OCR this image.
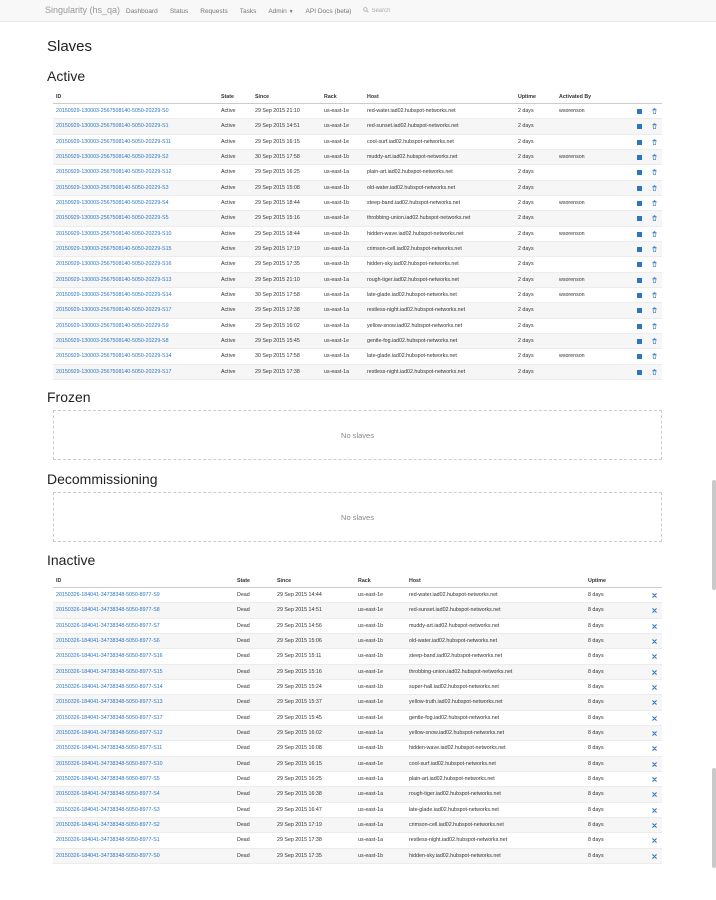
Singularity (hs_qa) Dashboard	Status	Requests	Tasks	Admin ▼	API Docs (beta)
Search
Slaves
Active
ID	State	Since	Rack	Host	Uptime	Activated By
20150929-130003-2567508140-5050-20229-S0	Active	29 Sep 2015 21:10	us-east-1e	red-water.iad02.hubspot-networks.net	2 days	wsorenson
20150929-130003-2567508140-5050-20229-S1	Active	29 Sep 2015 14:51	us-east-1e	red-sunset.iad02.hubspot-networks.net	2 days
20150929-130003-2567508140-5050-20229-S11	Active	29 Sep 2015 16:15	us-east-1e	cool-surf.iad02.hubspot-networks.net	2 days
20150929-130003-2567508140-5050-20229-S2	Active	30 Sep 2015 17:58	us-east-1b	muddy-art.iad02.hubspot-networks.net	2 days	wsorenson
20150929-130003-2567508140-5050-20229-S12	Active	29 Sep 2015 16:25	us-east-1a	plain-art.iad02.hubspot-networks.net	2 days
20150929-130003-2567508140-5050-20229-S3	Active	29 Sep 2015 15:08	us-east-1b	old-water.iad02.hubspot-networks.net	2 days
20150929-130003-2567508140-5050-20229-S4	Active	29 Sep 2015 18:44	us-east-1b	steep-band.iad02.hubspot-networks.net	2 days	wsorenson
20150929-130003-2567508140-5050-20229-S5	Active	29 Sep 2015 15:16	us-east-1e	throbbing-union.iad02.hubspot-networks.net	2 days
20150929-130003-2567508140-5050-20229-S10	Active	29 Sep 2015 18:44	us-east-1b	hidden-wave.iad02.hubspot-networks.net	2 days	wsorenson
20150929-130003-2567508140-5050-20229-S15	Active	29 Sep 2015 17:19	us-east-1a	crimson-cell.iad02.hubspot-networks.net	2 days
20150929-130003-2567508140-5050-20229-S16	Active	29 Sep 2015 17:35	us-east-1b	hidden-sky.iad02.hubspot-networks.net	2 days
20150929-130003-2567508140-5050-20229-S13	Active	29 Sep 2015 21:10	us-east-1a	rough-tiger.iad02.hubspot-networks.net	2 days	wsorenson
20150929-130003-2567508140-5050-20229-S14	Active	30 Sep 2015 17:58	us-east-1a	late-glade.iad02.hubspot-networks.net	2 days	wsorenson
20150929-130003-2567508140-5050-20229-S17	Active	29 Sep 2015 17:38	us-east-1a	restless-night.iad02.hubspot-networks.net	2 days
20150929-130003-2567508140-5050-20229-S9	Active	29 Sep 2015 16:02	us-east-1a	yellow-snow.iad02.hubspot-networks.net	2 days
20150929-130003-2567508140-5050-20229-S8	Active	29 Sep 2015 15:45	us-east-1e	gentle-fog.iad02.hubspot-networks.net	2 days
20150929-130003-2567508140-5050-20229-S14	Active	30 Sep 2015 17:58	us-east-1a	late-glade.iad02.hubspot-networks.net	2 days	wsorenson
20150929-130003-2567508140-5050-20229-S17	Active	29 Sep 2015 17:38	us-east-1a	restless-night.iad02.hubspot-networks.net	2 days
Frozen
No slaves
Decommissioning
No slaves
Inactive
ID	State	Since	Rack	Host	Uptime
20150326-184041-34738348-5050-8977-S9	Dead	29 Sep 2015 14:44	us-east-1e	red-water.iad02.hubspot-networks.net	8 days
20150326-184041-34738348-5050-8977-S8	Dead	29 Sep 2015 14:51	us-east-1e	red-sunset.iad02.hubspot-networks.net	8 days
20150326-184041-34738348-5050-8977-S7	Dead	29 Sep 2015 14:56	us-east-1b	muddy-art.iad02.hubspot-networks.net	8 days
20150326-184041-34738348-5050-8977-S6	Dead	29 Sep 2015 15:06	us-east-1b	old-water.iad02.hubspot-networks.net	8 days
20150326-184041-34738348-5050-8977-S16	Dead	29 Sep 2015 15:11	us-east-1b	steep-band.iad02.hubspot-networks.net	8 days
20150326-184041-34738348-5050-8977-S15	Dead	29 Sep 2015 15:16	us-east-1e	throbbing-union.iad02.hubspot-networks.net	8 days
20150326-184041-34738348-5050-8977-S14	Dead	29 Sep 2015 15:24	us-east-1b	super-hall.iad02.hubspot-networks.net	8 days
20150326-184041-34738348-5050-8977-S13	Dead	29 Sep 2015 15:37	us-east-1e	yellow-truth.iad02.hubspot-networks.net	8 days
20150326-184041-34738348-5050-8977-S17	Dead	29 Sep 2015 15:45	us-east-1e	gentle-fog.iad02.hubspot-networks.net	8 days
20150326-184041-34738348-5050-8977-S12	Dead	29 Sep 2015 16:02	us-east-1a	yellow-snow.iad02.hubspot-networks.net	8 days
20150326-184041-34738348-5050-8977-S11	Dead	29 Sep 2015 16:08	us-east-1b	hidden-wave.iad02.hubspot-networks.net	8 days
20150326-184041-34738348-5050-8977-S10	Dead	29 Sep 2015 16:15	us-east-1e	cool-surf.iad02.hubspot-networks.net	8 days
20150326-184041-34738348-5050-8977-S5	Dead	29 Sep 2015 16:25	us-east-1a	plain-art.iad02.hubspot-networks.net	8 days
20150326-184041-34738348-5050-8977-S4	Dead	29 Sep 2015 16:38	us-east-1a	rough-tiger.iad02.hubspot-networks.net	8 days
20150326-184041-34738348-5050-8977-S3	Dead	29 Sep 2015 16:47	us-east-1a	late-glade.iad02.hubspot-networks.net	8 days
20150326-184041-34738348-5050-8977-S2	Dead	29 Sep 2015 17:19	us-east-1a	crimson-cell.iad02.hubspot-networks.net	8 days
20150326-184041-34738348-5050-8977-S1	Dead	29 Sep 2015 17:38	us-east-1a	restless-night.iad02.hubspot-networks.net	8 days
20150326-184041-34738348-5050-8977-S0	Dead	29 Sep 2015 17:35	us-east-1b	hidden-sky.iad02.hubspot-networks.net	8 days
